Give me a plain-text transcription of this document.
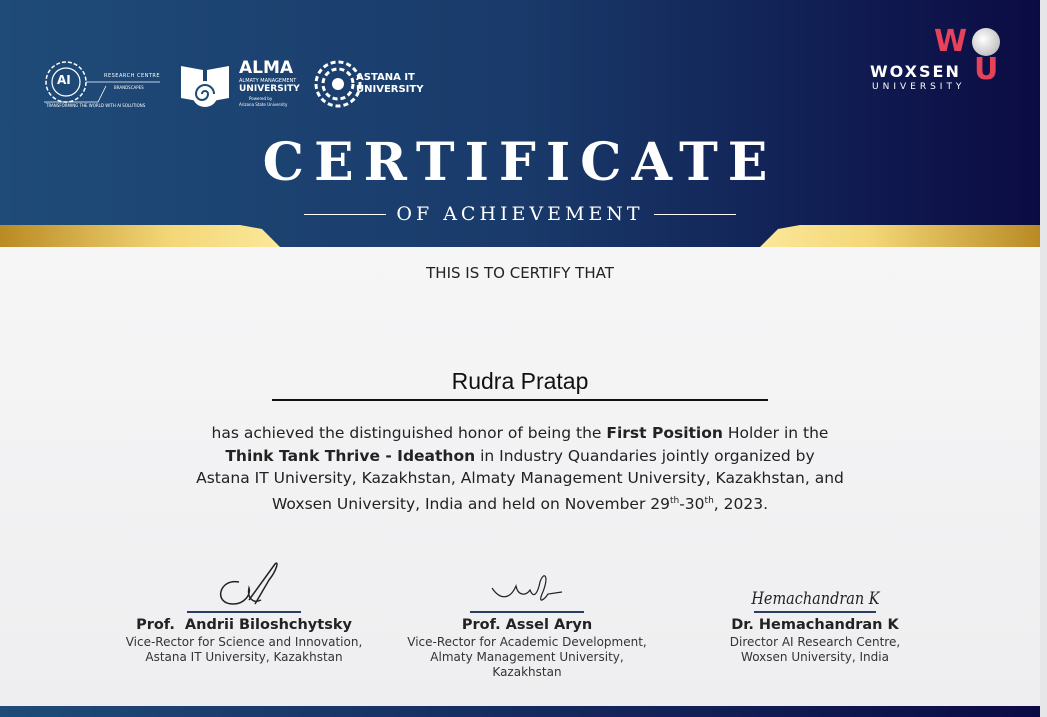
AI	RESEARCH CENTRE
BRANDSCAPES
TRANSFORMING THE WORLD WITH AI SOLUTIONS
ALMA
ALMATY MANAGEMENT
UNIVERSITY
Powered by
Arizona State University
ASTANA IT
UNIVERSITY
W
U
WOXSEN
UNIVERSITY
CERTIFICATE
OF ACHIEVEMENT
THIS IS TO CERTIFY THAT
Rudra Pratap
has achieved the distinguished honor of being the First Position Holder in the
Think Tank Thrive - Ideathon in Industry Quandaries jointly organized by
Astana IT University, Kazakhstan, Almaty Management University, Kazakhstan, and
Woxsen University, India and held on November 29th-30th, 2023.
Prof.  Andrii Biloshchytsky
Vice-Rector for Science and Innovation,
Astana IT University, Kazakhstan
Prof. Assel Aryn
Vice-Rector for Academic Development,
Almaty Management University,
Kazakhstan
Hemachandran K
Dr. Hemachandran K
Director AI Research Centre,
Woxsen University, India
